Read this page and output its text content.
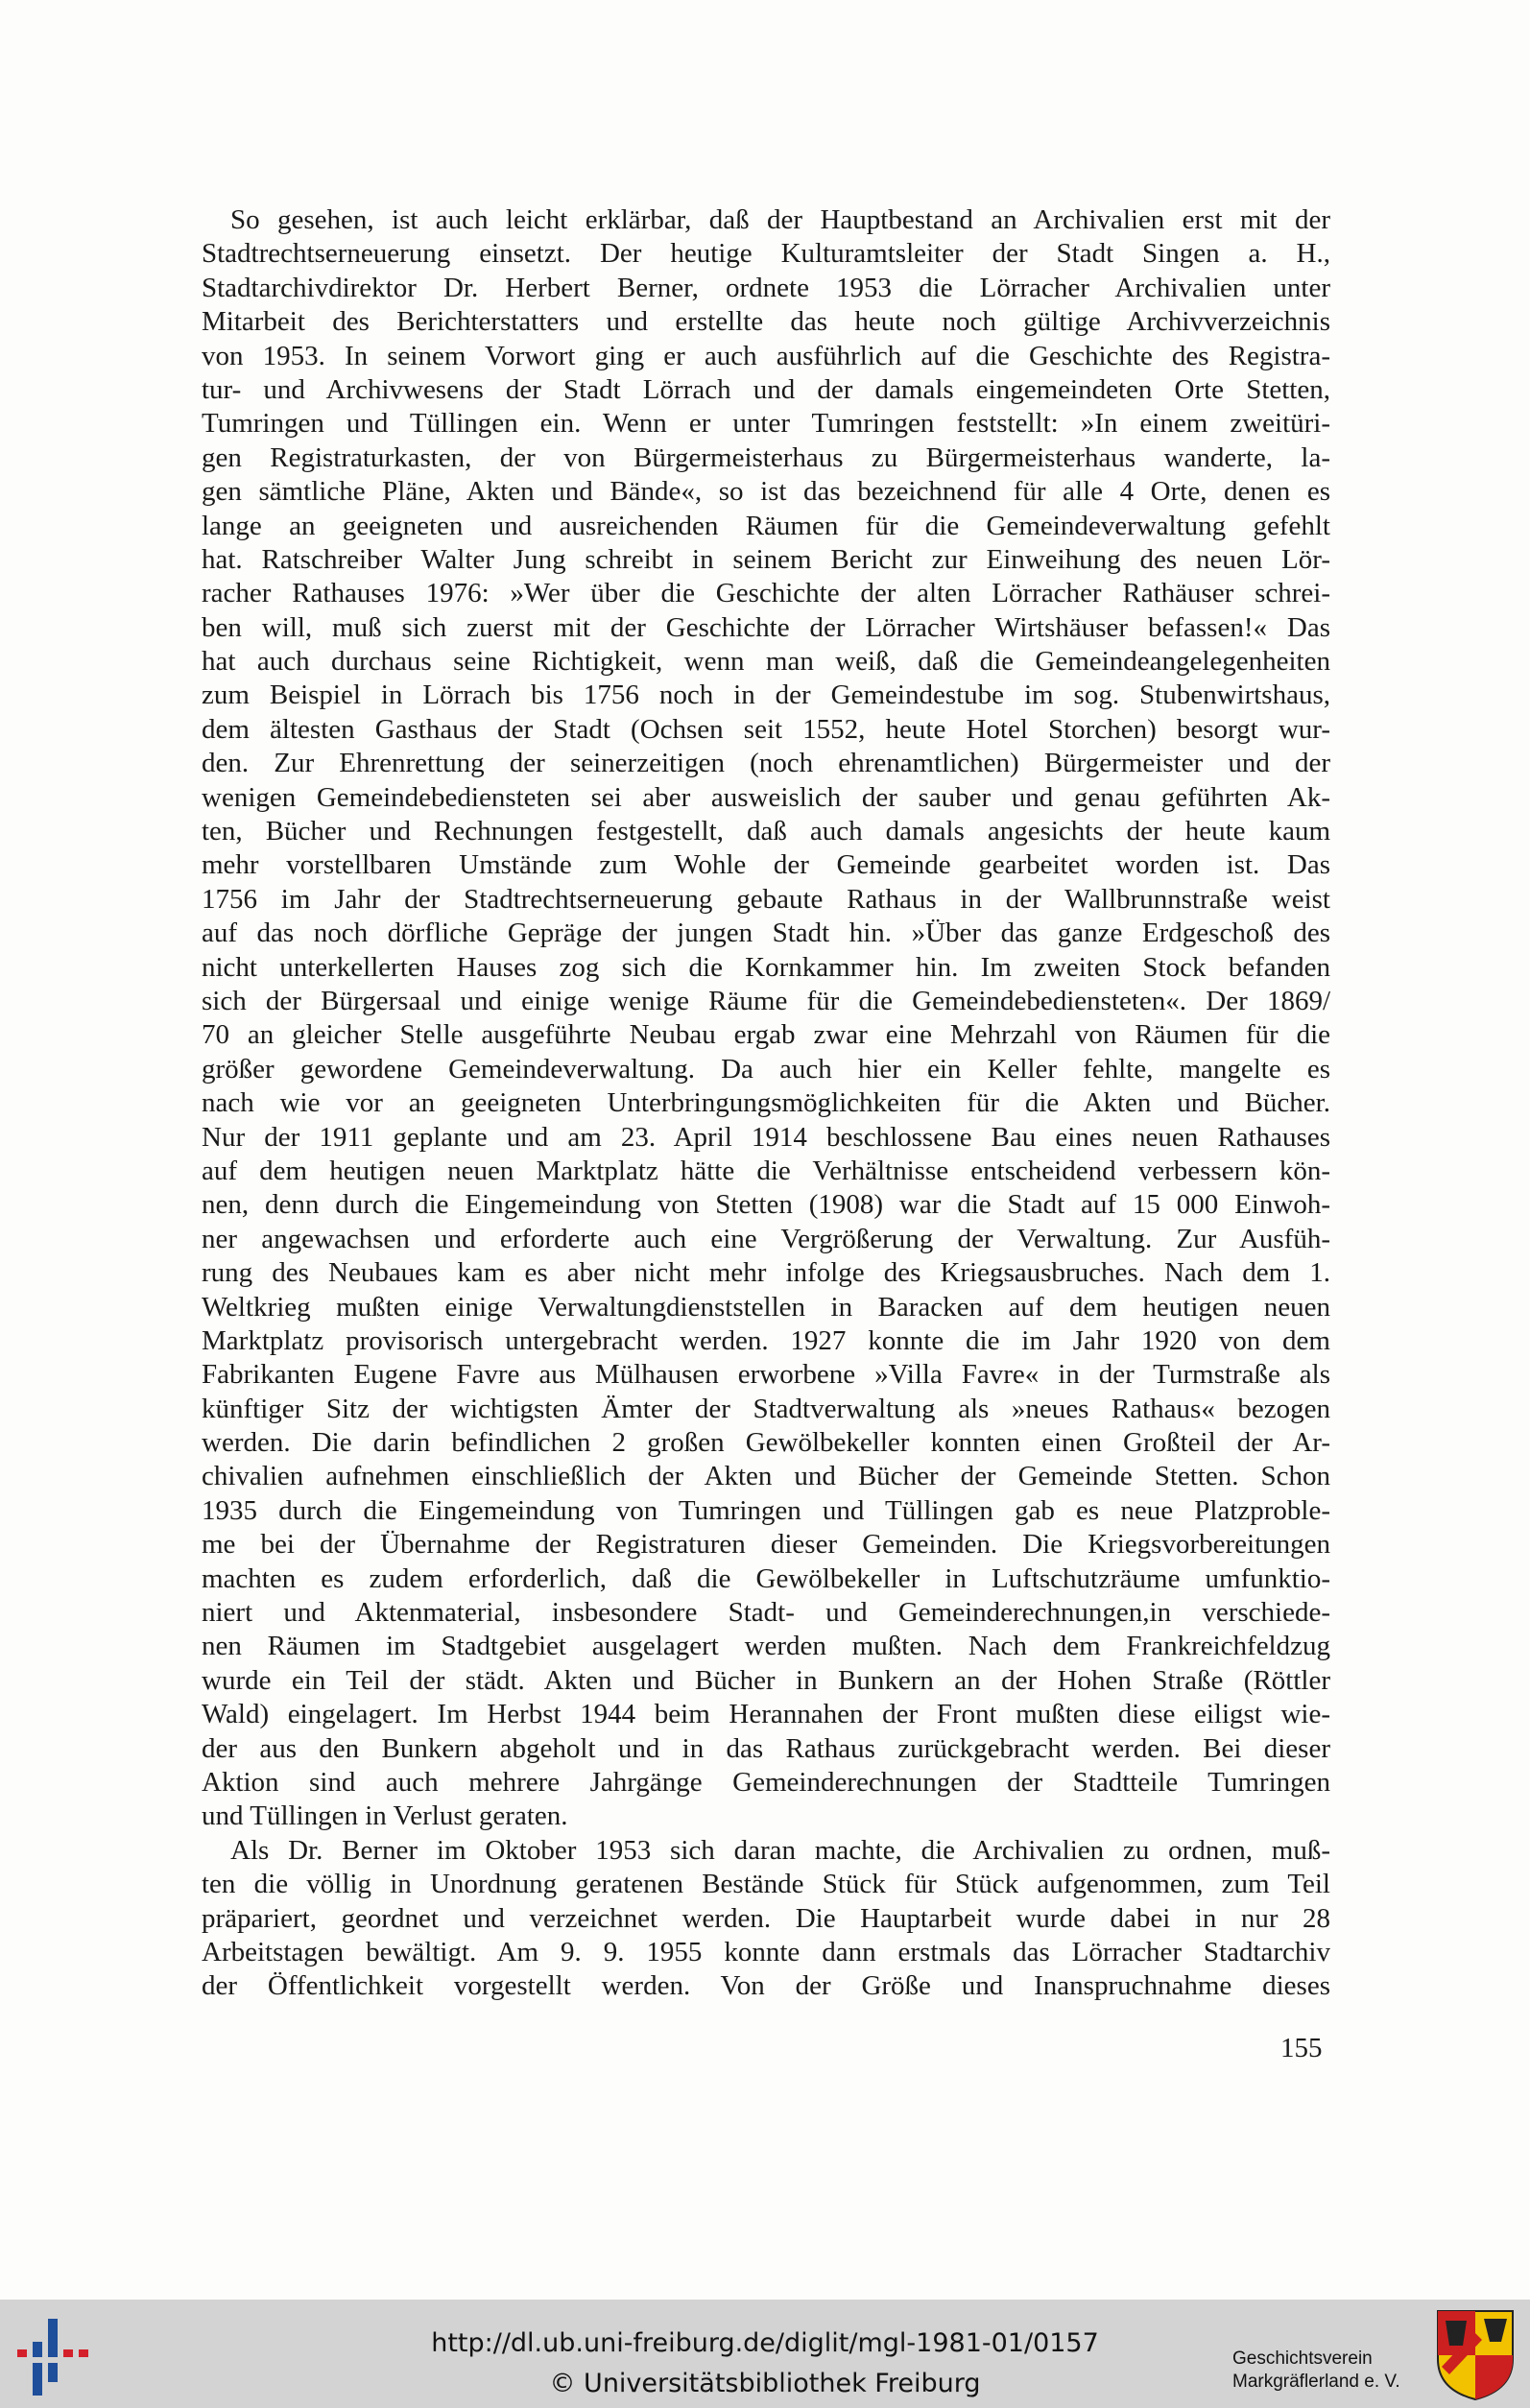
So gesehen, ist auch leicht erklärbar, daß der Hauptbestand an Archivalien erst mit der
Stadtrechtserneuerung einsetzt. Der heutige Kulturamtsleiter der Stadt Singen a. H.,
Stadtarchivdirektor Dr. Herbert Berner, ordnete 1953 die Lörracher Archivalien unter
Mitarbeit des Berichterstatters und erstellte das heute noch gültige Archivverzeichnis
von 1953. In seinem Vorwort ging er auch ausführlich auf die Geschichte des Registra-
tur- und Archivwesens der Stadt Lörrach und der damals eingemeindeten Orte Stetten,
Tumringen und Tüllingen ein. Wenn er unter Tumringen feststellt: »In einem zweitüri-
gen Registraturkasten, der von Bürgermeisterhaus zu Bürgermeisterhaus wanderte, la-
gen sämtliche Pläne, Akten und Bände«, so ist das bezeichnend für alle 4 Orte, denen es
lange an geeigneten und ausreichenden Räumen für die Gemeindeverwaltung gefehlt
hat. Ratschreiber Walter Jung schreibt in seinem Bericht zur Einweihung des neuen Lör-
racher Rathauses 1976: »Wer über die Geschichte der alten Lörracher Rathäuser schrei-
ben will, muß sich zuerst mit der Geschichte der Lörracher Wirtshäuser befassen!« Das
hat auch durchaus seine Richtigkeit, wenn man weiß, daß die Gemeindeangelegenheiten
zum Beispiel in Lörrach bis 1756 noch in der Gemeindestube im sog. Stubenwirtshaus,
dem ältesten Gasthaus der Stadt (Ochsen seit 1552, heute Hotel Storchen) besorgt wur-
den. Zur Ehrenrettung der seinerzeitigen (noch ehrenamtlichen) Bürgermeister und der
wenigen Gemeindebediensteten sei aber ausweislich der sauber und genau geführten Ak-
ten, Bücher und Rechnungen festgestellt, daß auch damals angesichts der heute kaum
mehr vorstellbaren Umstände zum Wohle der Gemeinde gearbeitet worden ist. Das
1756 im Jahr der Stadtrechtserneuerung gebaute Rathaus in der Wallbrunnstraße weist
auf das noch dörfliche Gepräge der jungen Stadt hin. »Über das ganze Erdgeschoß des
nicht unterkellerten Hauses zog sich die Kornkammer hin. Im zweiten Stock befanden
sich der Bürgersaal und einige wenige Räume für die Gemeindebediensteten«. Der 1869/
70 an gleicher Stelle ausgeführte Neubau ergab zwar eine Mehrzahl von Räumen für die
größer gewordene Gemeindeverwaltung. Da auch hier ein Keller fehlte, mangelte es
nach wie vor an geeigneten Unterbringungsmöglichkeiten für die Akten und Bücher.
Nur der 1911 geplante und am 23. April 1914 beschlossene Bau eines neuen Rathauses
auf dem heutigen neuen Marktplatz hätte die Verhältnisse entscheidend verbessern kön-
nen, denn durch die Eingemeindung von Stetten (1908) war die Stadt auf 15 000 Einwoh-
ner angewachsen und erforderte auch eine Vergrößerung der Verwaltung. Zur Ausfüh-
rung des Neubaues kam es aber nicht mehr infolge des Kriegsausbruches. Nach dem 1.
Weltkrieg mußten einige Verwaltungdienststellen in Baracken auf dem heutigen neuen
Marktplatz provisorisch untergebracht werden. 1927 konnte die im Jahr 1920 von dem
Fabrikanten Eugene Favre aus Mülhausen erworbene »Villa Favre« in der Turmstraße als
künftiger Sitz der wichtigsten Ämter der Stadtverwaltung als »neues Rathaus« bezogen
werden. Die darin befindlichen 2 großen Gewölbekeller konnten einen Großteil der Ar-
chivalien aufnehmen einschließlich der Akten und Bücher der Gemeinde Stetten. Schon
1935 durch die Eingemeindung von Tumringen und Tüllingen gab es neue Platzproble-
me bei der Übernahme der Registraturen dieser Gemeinden. Die Kriegsvorbereitungen
machten es zudem erforderlich, daß die Gewölbekeller in Luftschutzräume umfunktio-
niert und Aktenmaterial, insbesondere Stadt- und Gemeinderechnungen,in verschiede-
nen Räumen im Stadtgebiet ausgelagert werden mußten. Nach dem Frankreichfeldzug
wurde ein Teil der städt. Akten und Bücher in Bunkern an der Hohen Straße (Röttler
Wald) eingelagert. Im Herbst 1944 beim Herannahen der Front mußten diese eiligst wie-
der aus den Bunkern abgeholt und in das Rathaus zurückgebracht werden. Bei dieser
Aktion sind auch mehrere Jahrgänge Gemeinderechnungen der Stadtteile Tumringen
und Tüllingen in Verlust geraten.
Als Dr. Berner im Oktober 1953 sich daran machte, die Archivalien zu ordnen, muß-
ten die völlig in Unordnung geratenen Bestände Stück für Stück aufgenommen, zum Teil
präpariert, geordnet und verzeichnet werden. Die Hauptarbeit wurde dabei in nur 28
Arbeitstagen bewältigt. Am 9. 9. 1955 konnte dann erstmals das Lörracher Stadtarchiv
der Öffentlichkeit vorgestellt werden. Von der Größe und Inanspruchnahme dieses
155
http://dl.ub.uni-freiburg.de/diglit/mgl-1981-01/0157
© Universitätsbibliothek Freiburg
Geschichtsverein
Markgräflerland e. V.
